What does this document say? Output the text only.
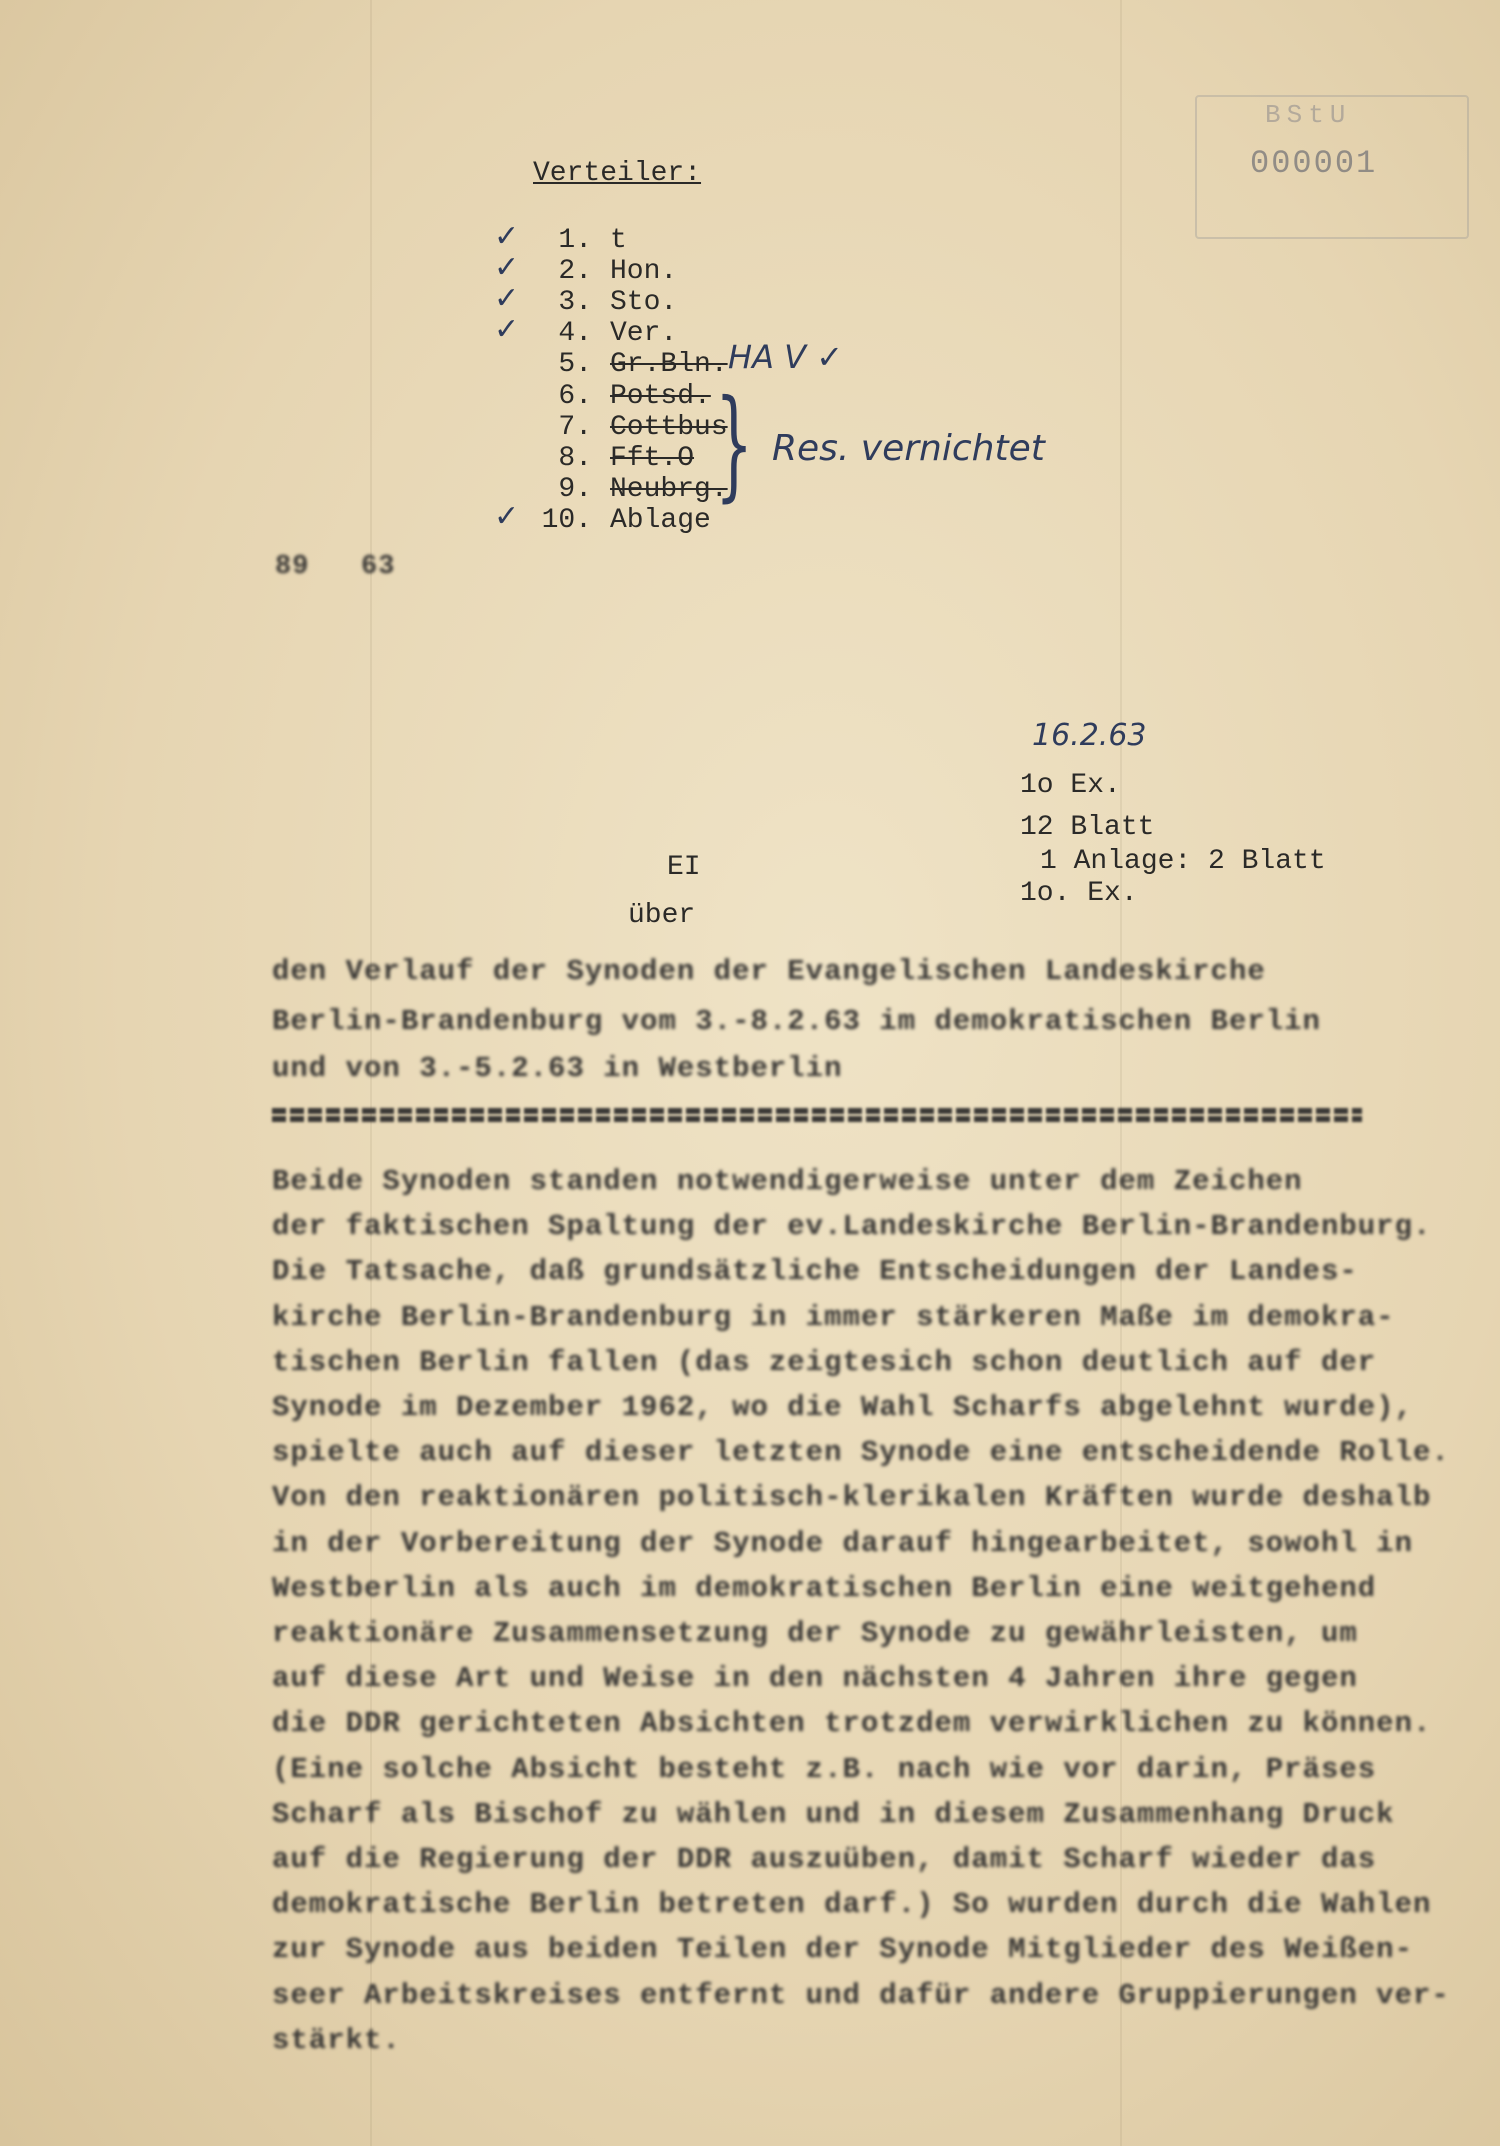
BStU
000001
Verteiler:
1. t
✓
2. Hon.
✓
3. Sto.
✓
4. Ver.
✓
5. Gr.Bln.
6. Potsd.
7. Cottbus
8. Fft.O
9. Neubrg.
10. Ablage
✓
HA V ✓
} Res. vernichtet
89   63
16.2.63
1o Ex.
12 Blatt
1 Anlage: 2 Blatt
1o. Ex.
EI
über
den Verlauf der Synoden der Evangelischen Landeskirche
Berlin-Brandenburg vom 3.-8.2.63 im demokratischen Berlin
und von 3.-5.2.63 in Westberlin
Beide Synoden standen notwendigerweise unter dem Zeichen
der faktischen Spaltung der ev.Landeskirche Berlin-Brandenburg.
Die Tatsache, daß grundsätzliche Entscheidungen der Landes-
kirche Berlin-Brandenburg in immer stärkeren Maße im demokra-
tischen Berlin fallen (das zeigtesich schon deutlich auf der
Synode im Dezember 1962, wo die Wahl Scharfs abgelehnt wurde),
spielte auch auf dieser letzten Synode eine entscheidende Rolle.
Von den reaktionären politisch-klerikalen Kräften wurde deshalb
in der Vorbereitung der Synode darauf hingearbeitet, sowohl in
Westberlin als auch im demokratischen Berlin eine weitgehend
reaktionäre Zusammensetzung der Synode zu gewährleisten, um
auf diese Art und Weise in den nächsten 4 Jahren ihre gegen
die DDR gerichteten Absichten trotzdem verwirklichen zu können.
(Eine solche Absicht besteht z.B. nach wie vor darin, Präses
Scharf als Bischof zu wählen und in diesem Zusammenhang Druck
auf die Regierung der DDR auszuüben, damit Scharf wieder das
demokratische Berlin betreten darf.) So wurden durch die Wahlen
zur Synode aus beiden Teilen der Synode Mitglieder des Weißen-
seer Arbeitskreises entfernt und dafür andere Gruppierungen ver-
stärkt.
